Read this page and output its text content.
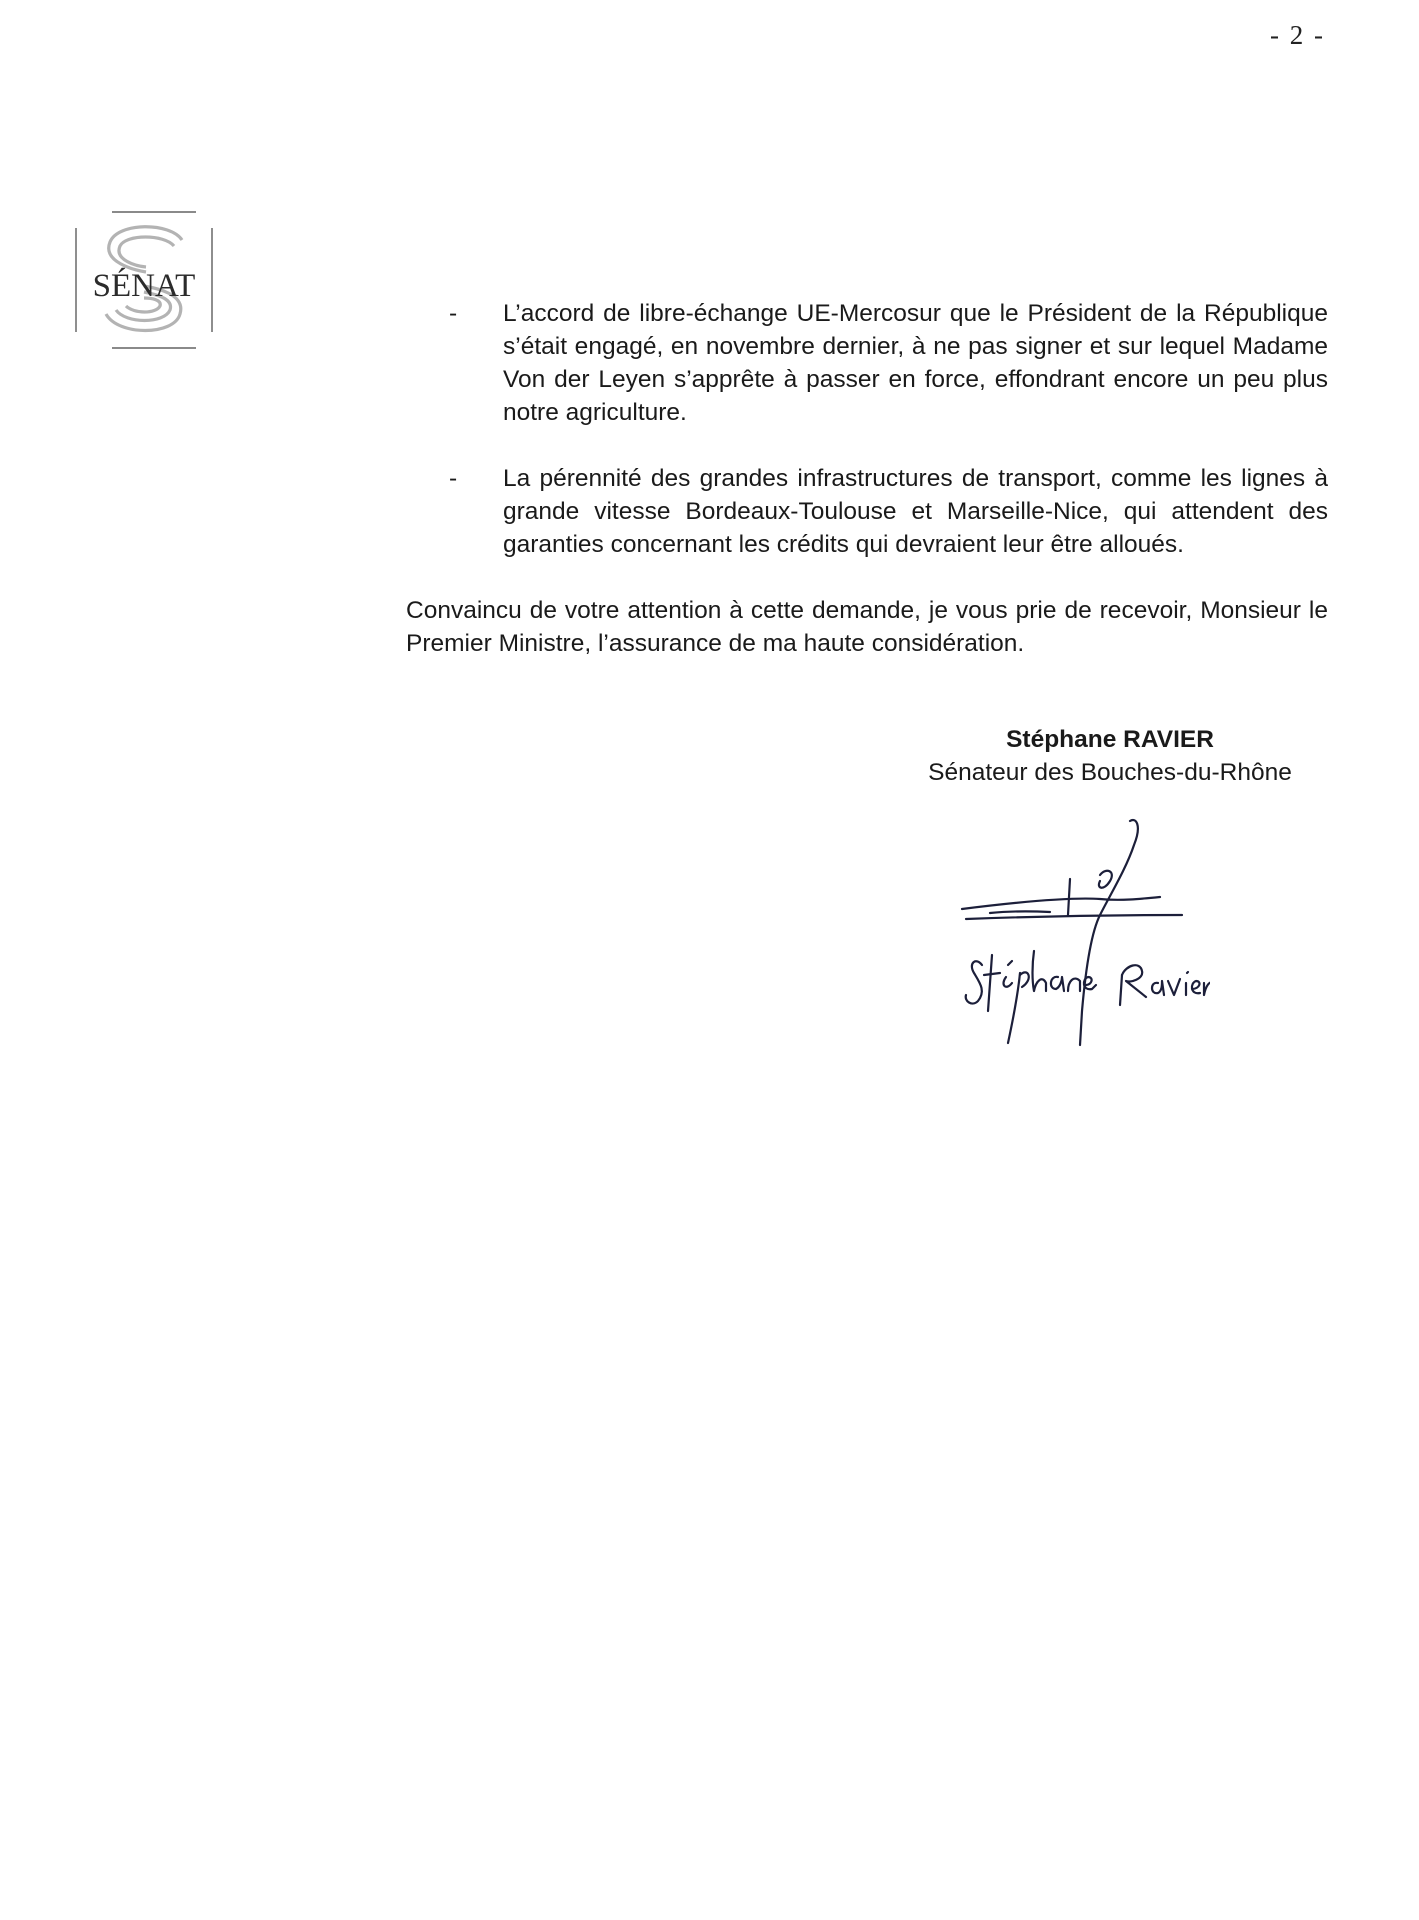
- 2 -
SÉNAT
-	L’accord de libre-échange UE-Mercosur que le Président de la République s’était engagé, en novembre dernier, à ne pas signer et sur lequel Madame Von der Leyen s’apprête à passer en force, effondrant encore un peu plus notre agriculture.
-	La pérennité des grandes infrastructures de transport, comme les lignes à grande vitesse Bordeaux-Toulouse et Marseille-Nice, qui attendent des garanties concernant les crédits qui devraient leur être alloués.

Convaincu de votre attention à cette demande, je vous prie de recevoir, Monsieur le Premier Ministre, l’assurance de ma haute considération.

Stéphane RAVIER
Sénateur des Bouches-du-Rhône
